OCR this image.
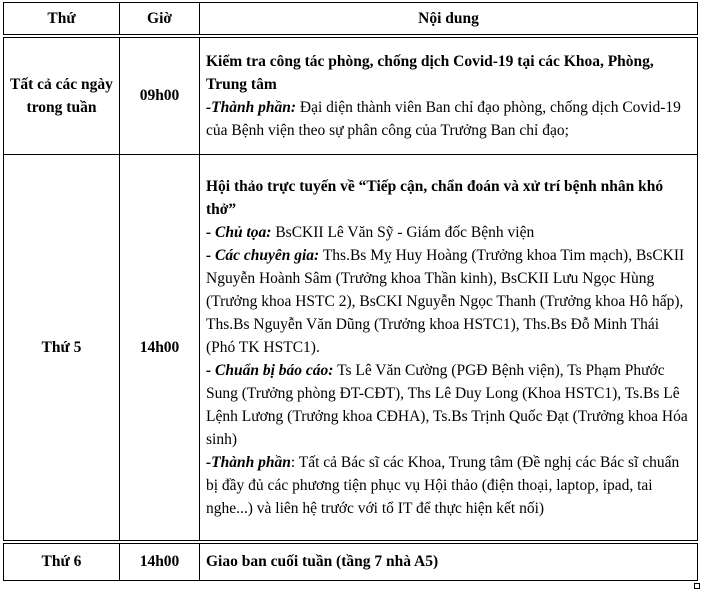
Thứ	Giờ	Nội dung
Tất cả các ngày trong tuần	09h00	Kiểm tra công tác phòng, chống dịch Covid-19 tại các Khoa, Phòng, Trung tâm
-Thành phần: Đại diện thành viên Ban chỉ đạo phòng, chống dịch Covid-19 của Bệnh viện theo sự phân công của Trưởng Ban chỉ đạo;

Thứ 5	14h00	Hội thảo trực tuyến về “Tiếp cận, chẩn đoán và xử trí bệnh nhân khó thở”
- Chủ tọa: BsCKII Lê Văn Sỹ - Giám đốc Bệnh viện
- Các chuyên gia: Ths.Bs Mỵ Huy Hoàng (Trưởng khoa Tim mạch), BsCKII Nguyễn Hoành Sâm (Trưởng khoa Thần kinh), BsCKII Lưu Ngọc Hùng (Trưởng khoa HSTC 2), BsCKI Nguyễn Ngọc Thanh (Trưởng khoa Hô hấp), Ths.Bs Nguyễn Văn Dũng (Trưởng khoa HSTC1), Ths.Bs Đỗ Minh Thái (Phó TK HSTC1).
- Chuẩn bị báo cáo: Ts Lê Văn Cường (PGĐ Bệnh viện), Ts Phạm Phước Sung (Trưởng phòng ĐT-CĐT), Ths Lê Duy Long (Khoa HSTC1), Ts.Bs Lê Lệnh Lương (Trưởng khoa CĐHA), Ts.Bs Trịnh Quốc Đạt (Trưởng khoa Hóa sinh)
-Thành phần: Tất cả Bác sĩ các Khoa, Trung tâm (Đề nghị các Bác sĩ chuẩn bị đầy đủ các phương tiện phục vụ Hội thảo (điện thoại, laptop, ipad, tai nghe...) và liên hệ trước với tổ IT để thực hiện kết nối)

Thứ 6	14h00	Giao ban cuối tuần (tầng 7 nhà A5)
